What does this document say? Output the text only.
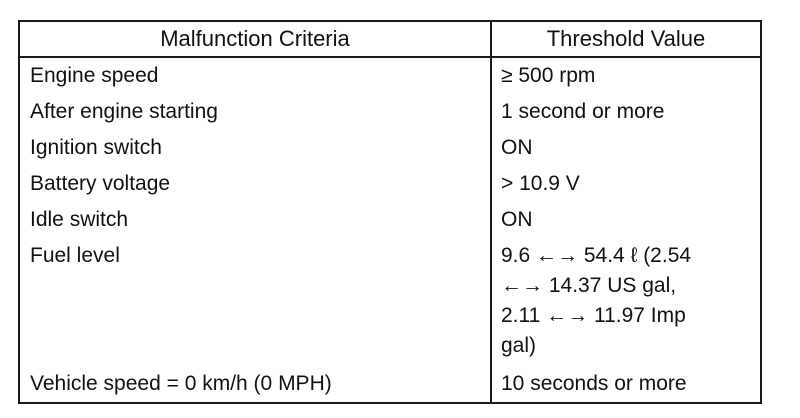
Malfunction Criteria	Threshold Value
Engine speed	≥ 500 rpm
After engine starting	1 second or more
Ignition switch	ON
Battery voltage	> 10.9 V
Idle switch	ON
Fuel level	9.6 ←→ 54.4 ℓ (2.54
←→ 14.37 US gal,
2.11 ←→ 11.97 Imp
gal)
Vehicle speed = 0 km/h (0 MPH)	10 seconds or more
